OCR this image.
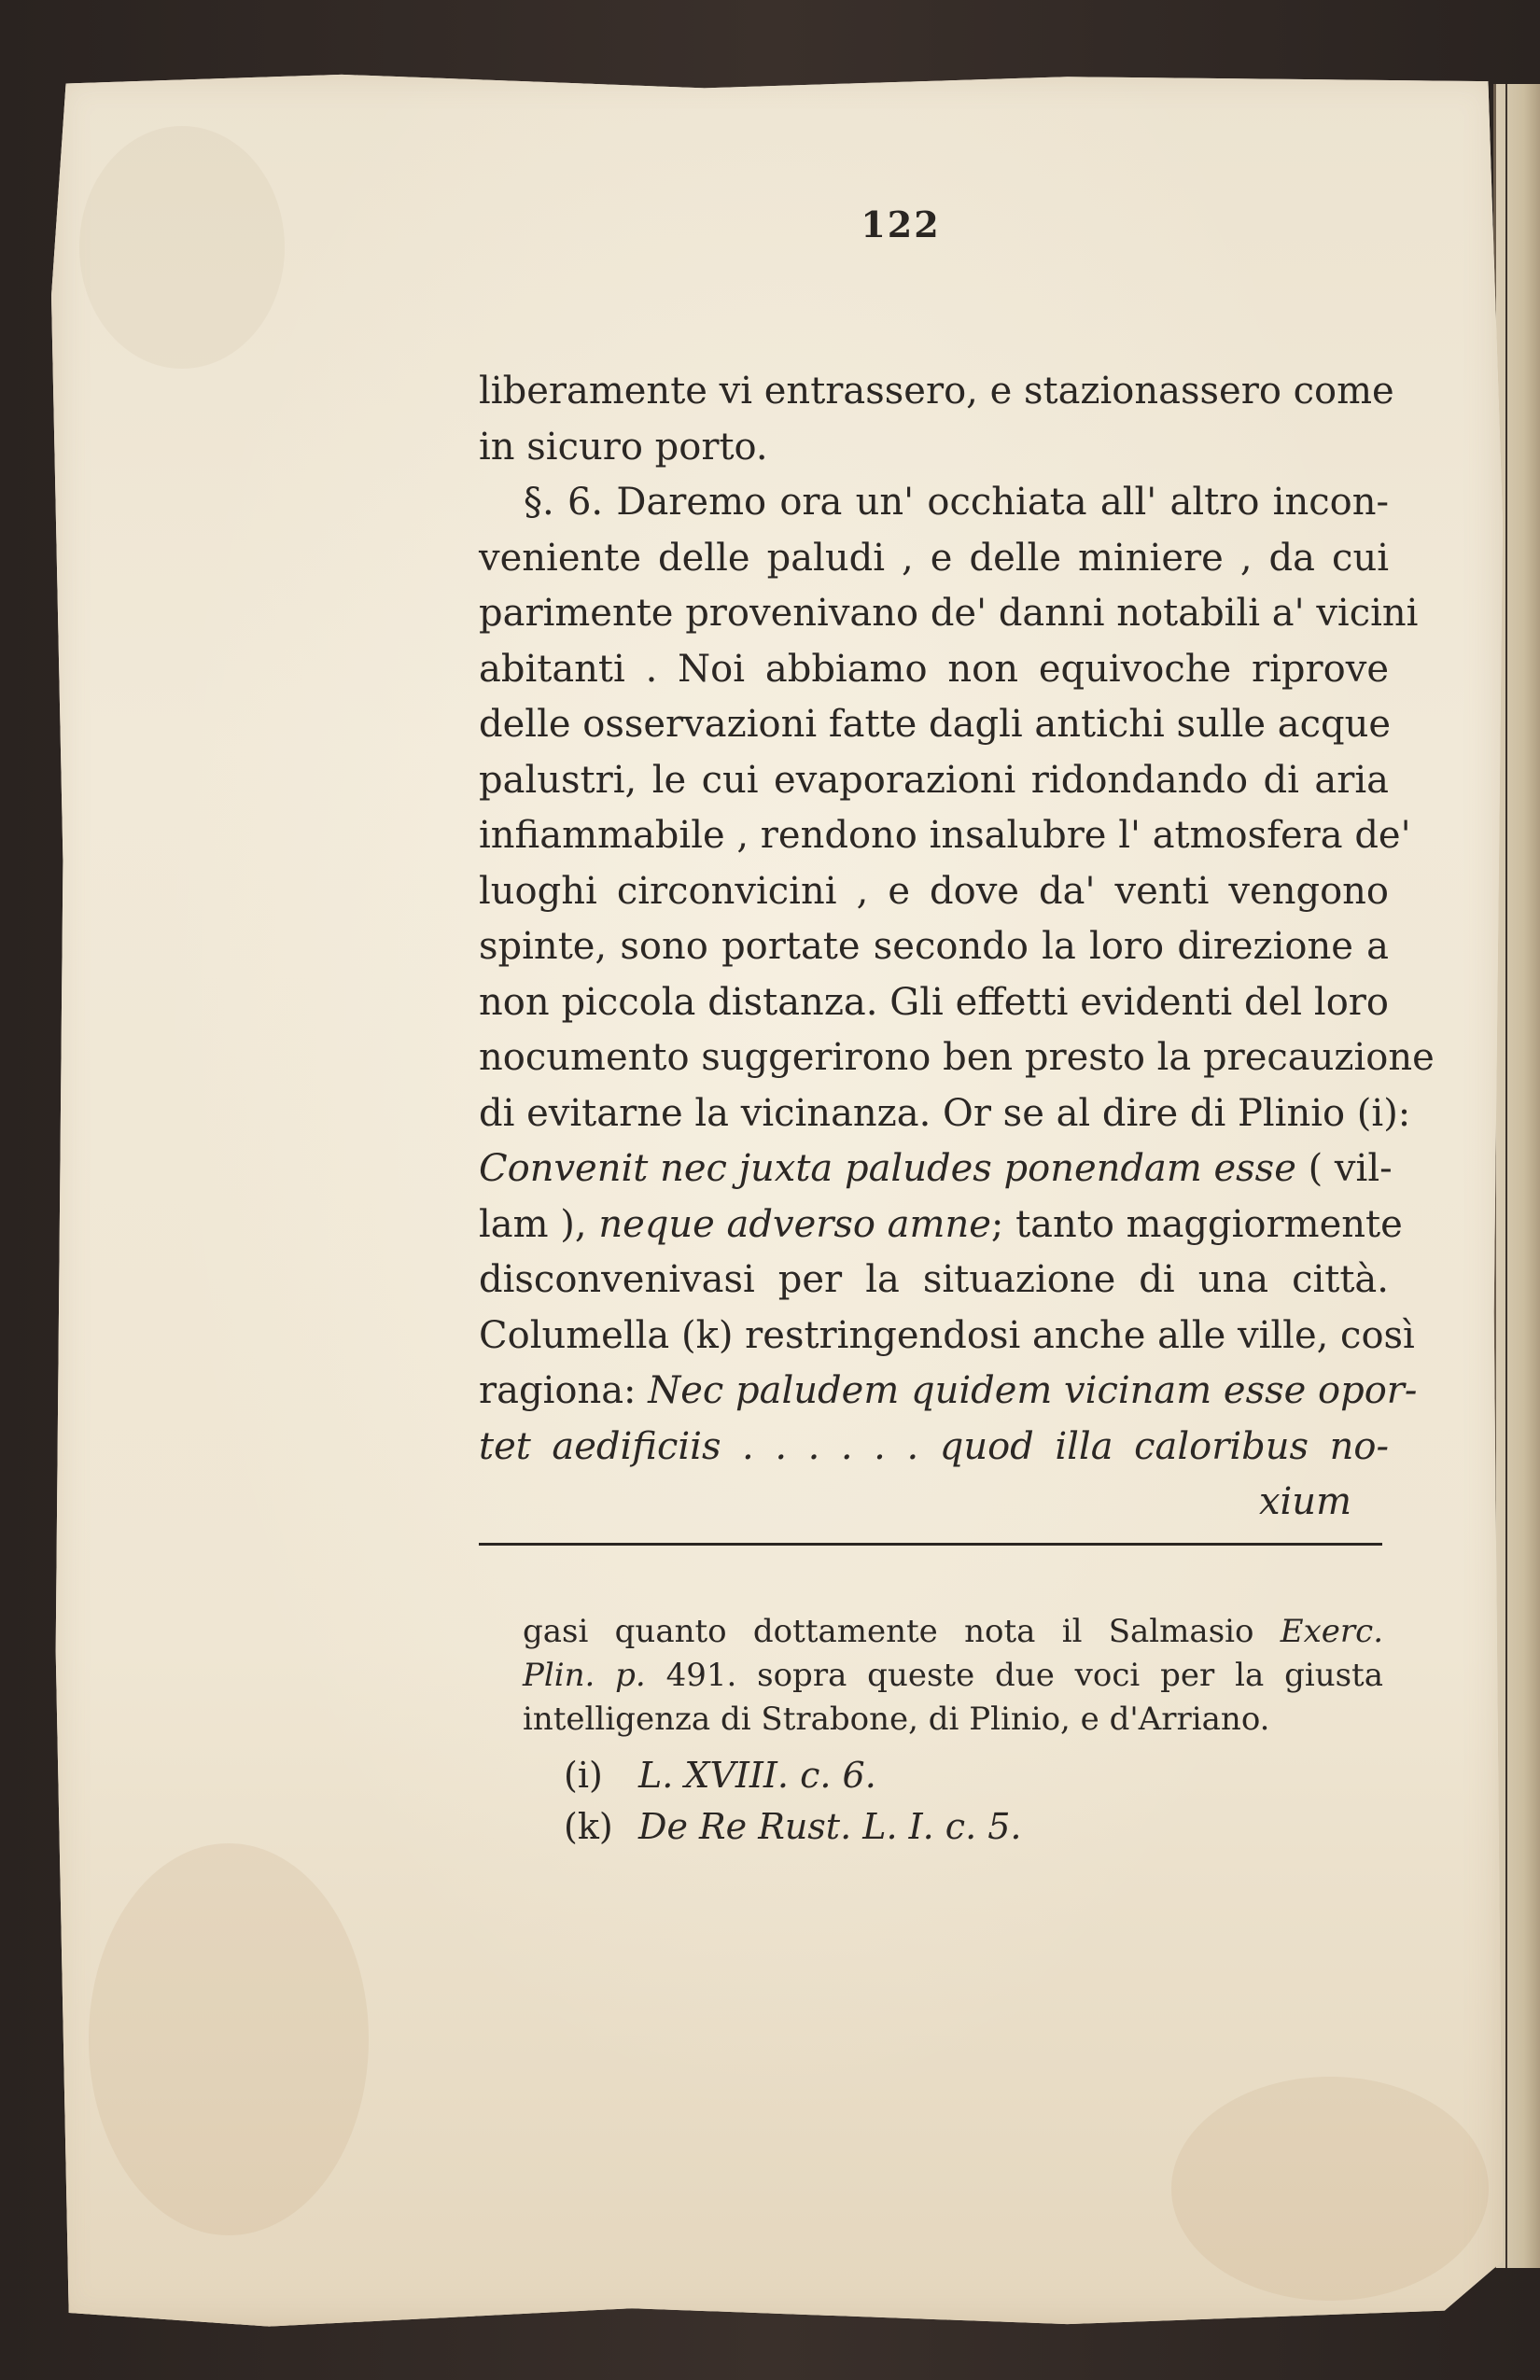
122
liberamente vi entrassero, e stazionassero come
in sicuro porto.
§. 6. Daremo ora un' occhiata all' altro incon-
veniente delle paludi , e delle miniere , da cui
parimente provenivano de' danni notabili a' vicini
abitanti . Noi abbiamo non equivoche riprove
delle osservazioni fatte dagli antichi sulle acque
palustri, le cui evaporazioni ridondando di aria
infiammabile , rendono insalubre l' atmosfera de'
luoghi circonvicini , e dove da' venti vengono
spinte, sono portate secondo la loro direzione a
non piccola distanza. Gli effetti evidenti del loro
nocumento suggerirono ben presto la precauzione
di evitarne la vicinanza. Or se al dire di Plinio (i):
Convenit nec juxta paludes ponendam esse ( vil-
lam ), neque adverso amne; tanto maggiormente
disconvenivasi per la situazione di una città.
Columella (k) restringendosi anche alle ville, così
ragiona: Nec paludem quidem vicinam esse opor-
tet aedificiis . . . . . . quod illa caloribus no-
xium
gasi quanto dottamente nota il Salmasio Exerc.
Plin. p. 491. sopra queste due voci per la giusta
intelligenza di Strabone, di Plinio, e d'Arriano.
(i) L. XVIII. c. 6.
(k) De Re Rust. L. I. c. 5.
